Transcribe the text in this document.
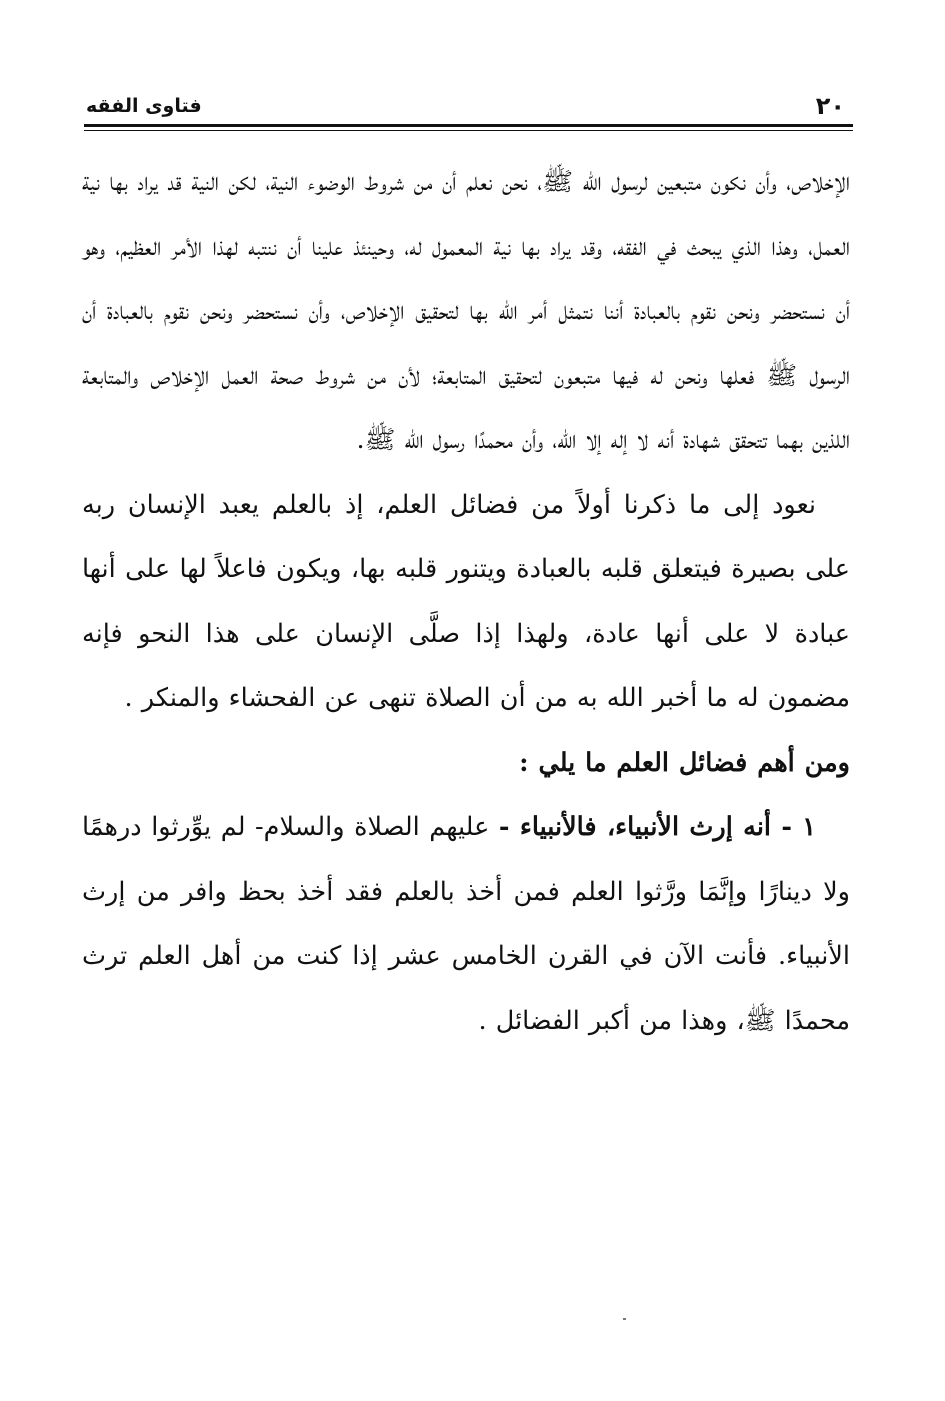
٢٠
فتاوى الفقه

الإخلاص، وأن نكون متبعين لرسول الله ﷺ، نحن نعلم أن من شروط الوضوء النية، لكن النية قد يراد بها نية العمل، وهذا الذي يبحث في الفقه، وقد يراد بها نية المعمول له، وحينئذ علينا أن ننتبه لهذا الأمر العظيم، وهو أن نستحضر ونحن نقوم بالعبادة أننا نتمثل أمر الله بها لتحقيق الإخلاص، وأن نستحضر ونحن نقوم بالعبادة أن الرسول ﷺ فعلها ونحن له فيها متبعون لتحقيق المتابعة؛ لأن من شروط صحة العمل الإخلاص والمتابعة اللذين بهما تتحقق شهادة أنه لا إله إلا الله، وأن محمدًا رسول الله ﷺ.

نعود إلى ما ذكرنا أولاً من فضائل العلم، إذ بالعلم يعبد الإنسان ربه على بصيرة فيتعلق قلبه بالعبادة ويتنور قلبه بها، ويكون فاعلاً لها على أنها عبادة لا على أنها عادة، ولهذا إذا صلَّى الإنسان على هذا النحو فإنه مضمون له ما أخبر الله به من أن الصلاة تنهى عن الفحشاء والمنكر .

ومن أهم فضائل العلم ما يلي :

١ - أنه إرث الأنبياء، فالأنبياء - عليهم الصلاة والسلام- لم يوِّرثوا درهمًا ولا دينارًا وإنَّمَا ورَّثوا العلم فمن أخذ بالعلم فقد أخذ بحظ وافر من إرث الأنبياء. فأنت الآن في القرن الخامس عشر إذا كنت من أهل العلم ترث محمدًا ﷺ، وهذا من أكبر الفضائل .
